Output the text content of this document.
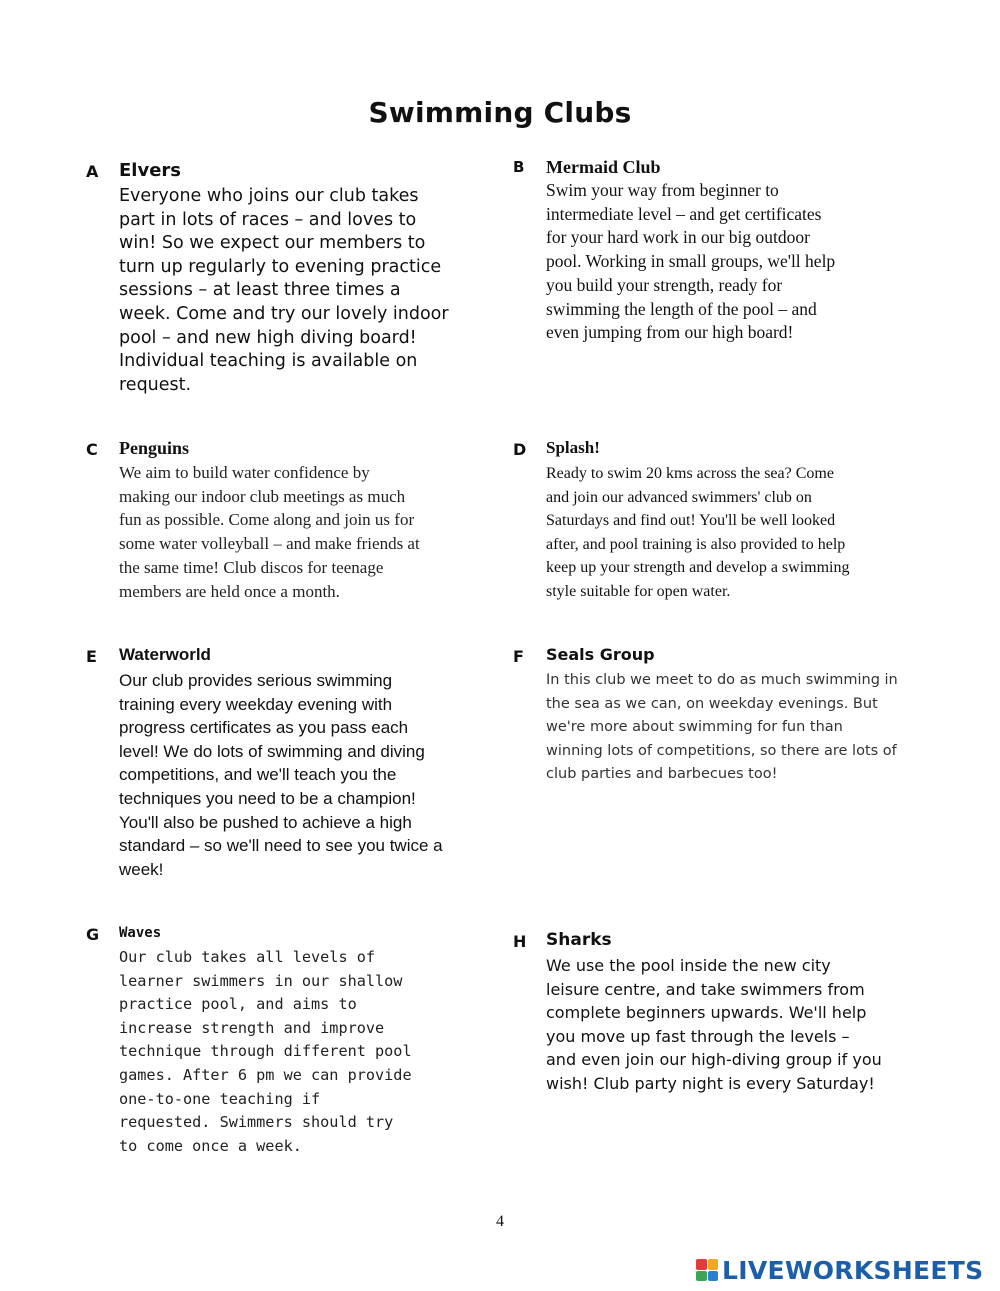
Swimming Clubs
A Elvers
Everyone who joins our club takes
part in lots of races – and loves to
win! So we expect our members to
turn up regularly to evening practice
sessions – at least three times a
week. Come and try our lovely indoor
pool – and new high diving board!
Individual teaching is available on
request.
B Mermaid Club
Swim your way from beginner to
intermediate level – and get certificates
for your hard work in our big outdoor
pool. Working in small groups, we'll help
you build your strength, ready for
swimming the length of the pool – and
even jumping from our high board!
C Penguins
We aim to build water confidence by
making our indoor club meetings as much
fun as possible. Come along and join us for
some water volleyball – and make friends at
the same time! Club discos for teenage
members are held once a month.
D Splash!
Ready to swim 20 kms across the sea? Come
and join our advanced swimmers' club on
Saturdays and find out! You'll be well looked
after, and pool training is also provided to help
keep up your strength and develop a swimming
style suitable for open water.
E Waterworld
Our club provides serious swimming
training every weekday evening with
progress certificates as you pass each
level! We do lots of swimming and diving
competitions, and we'll teach you the
techniques you need to be a champion!
You'll also be pushed to achieve a high
standard – so we'll need to see you twice a
week!
F Seals Group
In this club we meet to do as much swimming in
the sea as we can, on weekday evenings. But
we're more about swimming for fun than
winning lots of competitions, so there are lots of
club parties and barbecues too!
G Waves
Our club takes all levels of
learner swimmers in our shallow
practice pool, and aims to
increase strength and improve
technique through different pool
games. After 6 pm we can provide
one-to-one teaching if
requested. Swimmers should try
to come once a week.
H Sharks
We use the pool inside the new city
leisure centre, and take swimmers from
complete beginners upwards. We'll help
you move up fast through the levels –
and even join our high-diving group if you
wish! Club party night is every Saturday!
4
LIVEWORKSHEETS
